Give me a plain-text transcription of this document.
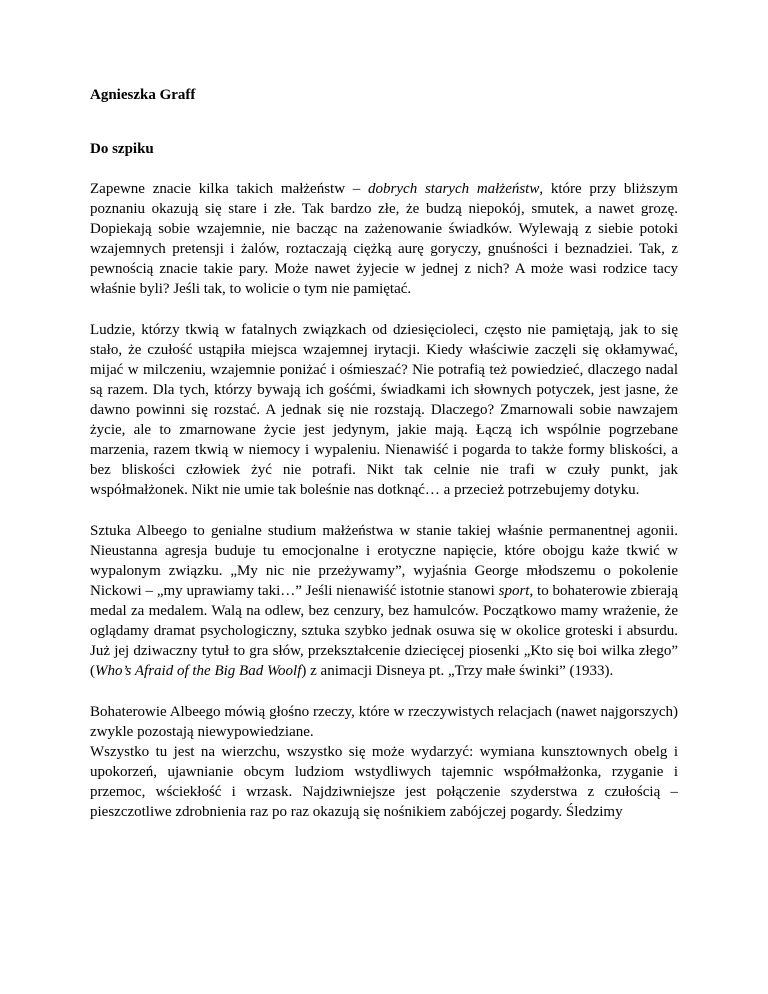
Agnieszka Graff

Do szpiku

Zapewne znacie kilka takich małżeństw – dobrych starych małżeństw, które przy bliższym poznaniu okazują się stare i złe. Tak bardzo złe, że budzą niepokój, smutek, a nawet grozę. Dopiekają sobie wzajemnie, nie bacząc na zażenowanie świadków. Wylewają z siebie potoki wzajemnych pretensji i żalów, roztaczają ciężką aurę goryczy, gnuśności i beznadziei. Tak, z pewnością znacie takie pary. Może nawet żyjecie w jednej z nich? A może wasi rodzice tacy właśnie byli? Jeśli tak, to wolicie o tym nie pamiętać.

Ludzie, którzy tkwią w fatalnych związkach od dziesięcioleci, często nie pamiętają, jak to się stało, że czułość ustąpiła miejsca wzajemnej irytacji. Kiedy właściwie zaczęli się okłamywać, mijać w milczeniu, wzajemnie poniżać i ośmieszać? Nie potrafią też powiedzieć, dlaczego nadal są razem. Dla tych, którzy bywają ich gośćmi, świadkami ich słownych potyczek, jest jasne, że dawno powinni się rozstać. A jednak się nie rozstają. Dlaczego? Zmarnowali sobie nawzajem życie, ale to zmarnowane życie jest jedynym, jakie mają. Łączą ich wspólnie pogrzebane marzenia, razem tkwią w niemocy i wypaleniu. Nienawiść i pogarda to także formy bliskości, a bez bliskości człowiek żyć nie potrafi. Nikt tak celnie nie trafi w czuły punkt, jak współmałżonek. Nikt nie umie tak boleśnie nas dotknąć… a przecież potrzebujemy dotyku.

Sztuka Albeego to genialne studium małżeństwa w stanie takiej właśnie permanentnej agonii. Nieustanna agresja buduje tu emocjonalne i erotyczne napięcie, które obojgu każe tkwić w wypalonym związku. „My nic nie przeżywamy”, wyjaśnia George młodszemu o pokolenie Nickowi – „my uprawiamy taki…” Jeśli nienawiść istotnie stanowi sport, to bohaterowie zbierają medal za medalem. Walą na odlew, bez cenzury, bez hamulców. Początkowo mamy wrażenie, że oglądamy dramat psychologiczny, sztuka szybko jednak osuwa się w okolice groteski i absurdu. Już jej dziwaczny tytuł to gra słów, przekształcenie dziecięcej piosenki „Kto się boi wilka złego” (Who’s Afraid of the Big Bad Woolf) z animacji Disneya pt. „Trzy małe świnki” (1933).

Bohaterowie Albeego mówią głośno rzeczy, które w rzeczywistych relacjach (nawet najgorszych) zwykle pozostają niewypowiedziane.

Wszystko tu jest na wierzchu, wszystko się może wydarzyć: wymiana kunsztownych obelg i upokorzeń, ujawnianie obcym ludziom wstydliwych tajemnic współmałżonka, rzyganie i przemoc, wściekłość i wrzask. Najdziwniejsze jest połączenie szyderstwa z czułością – pieszczotliwe zdrobnienia raz po raz okazują się nośnikiem zabójczej pogardy. Śledzimy
